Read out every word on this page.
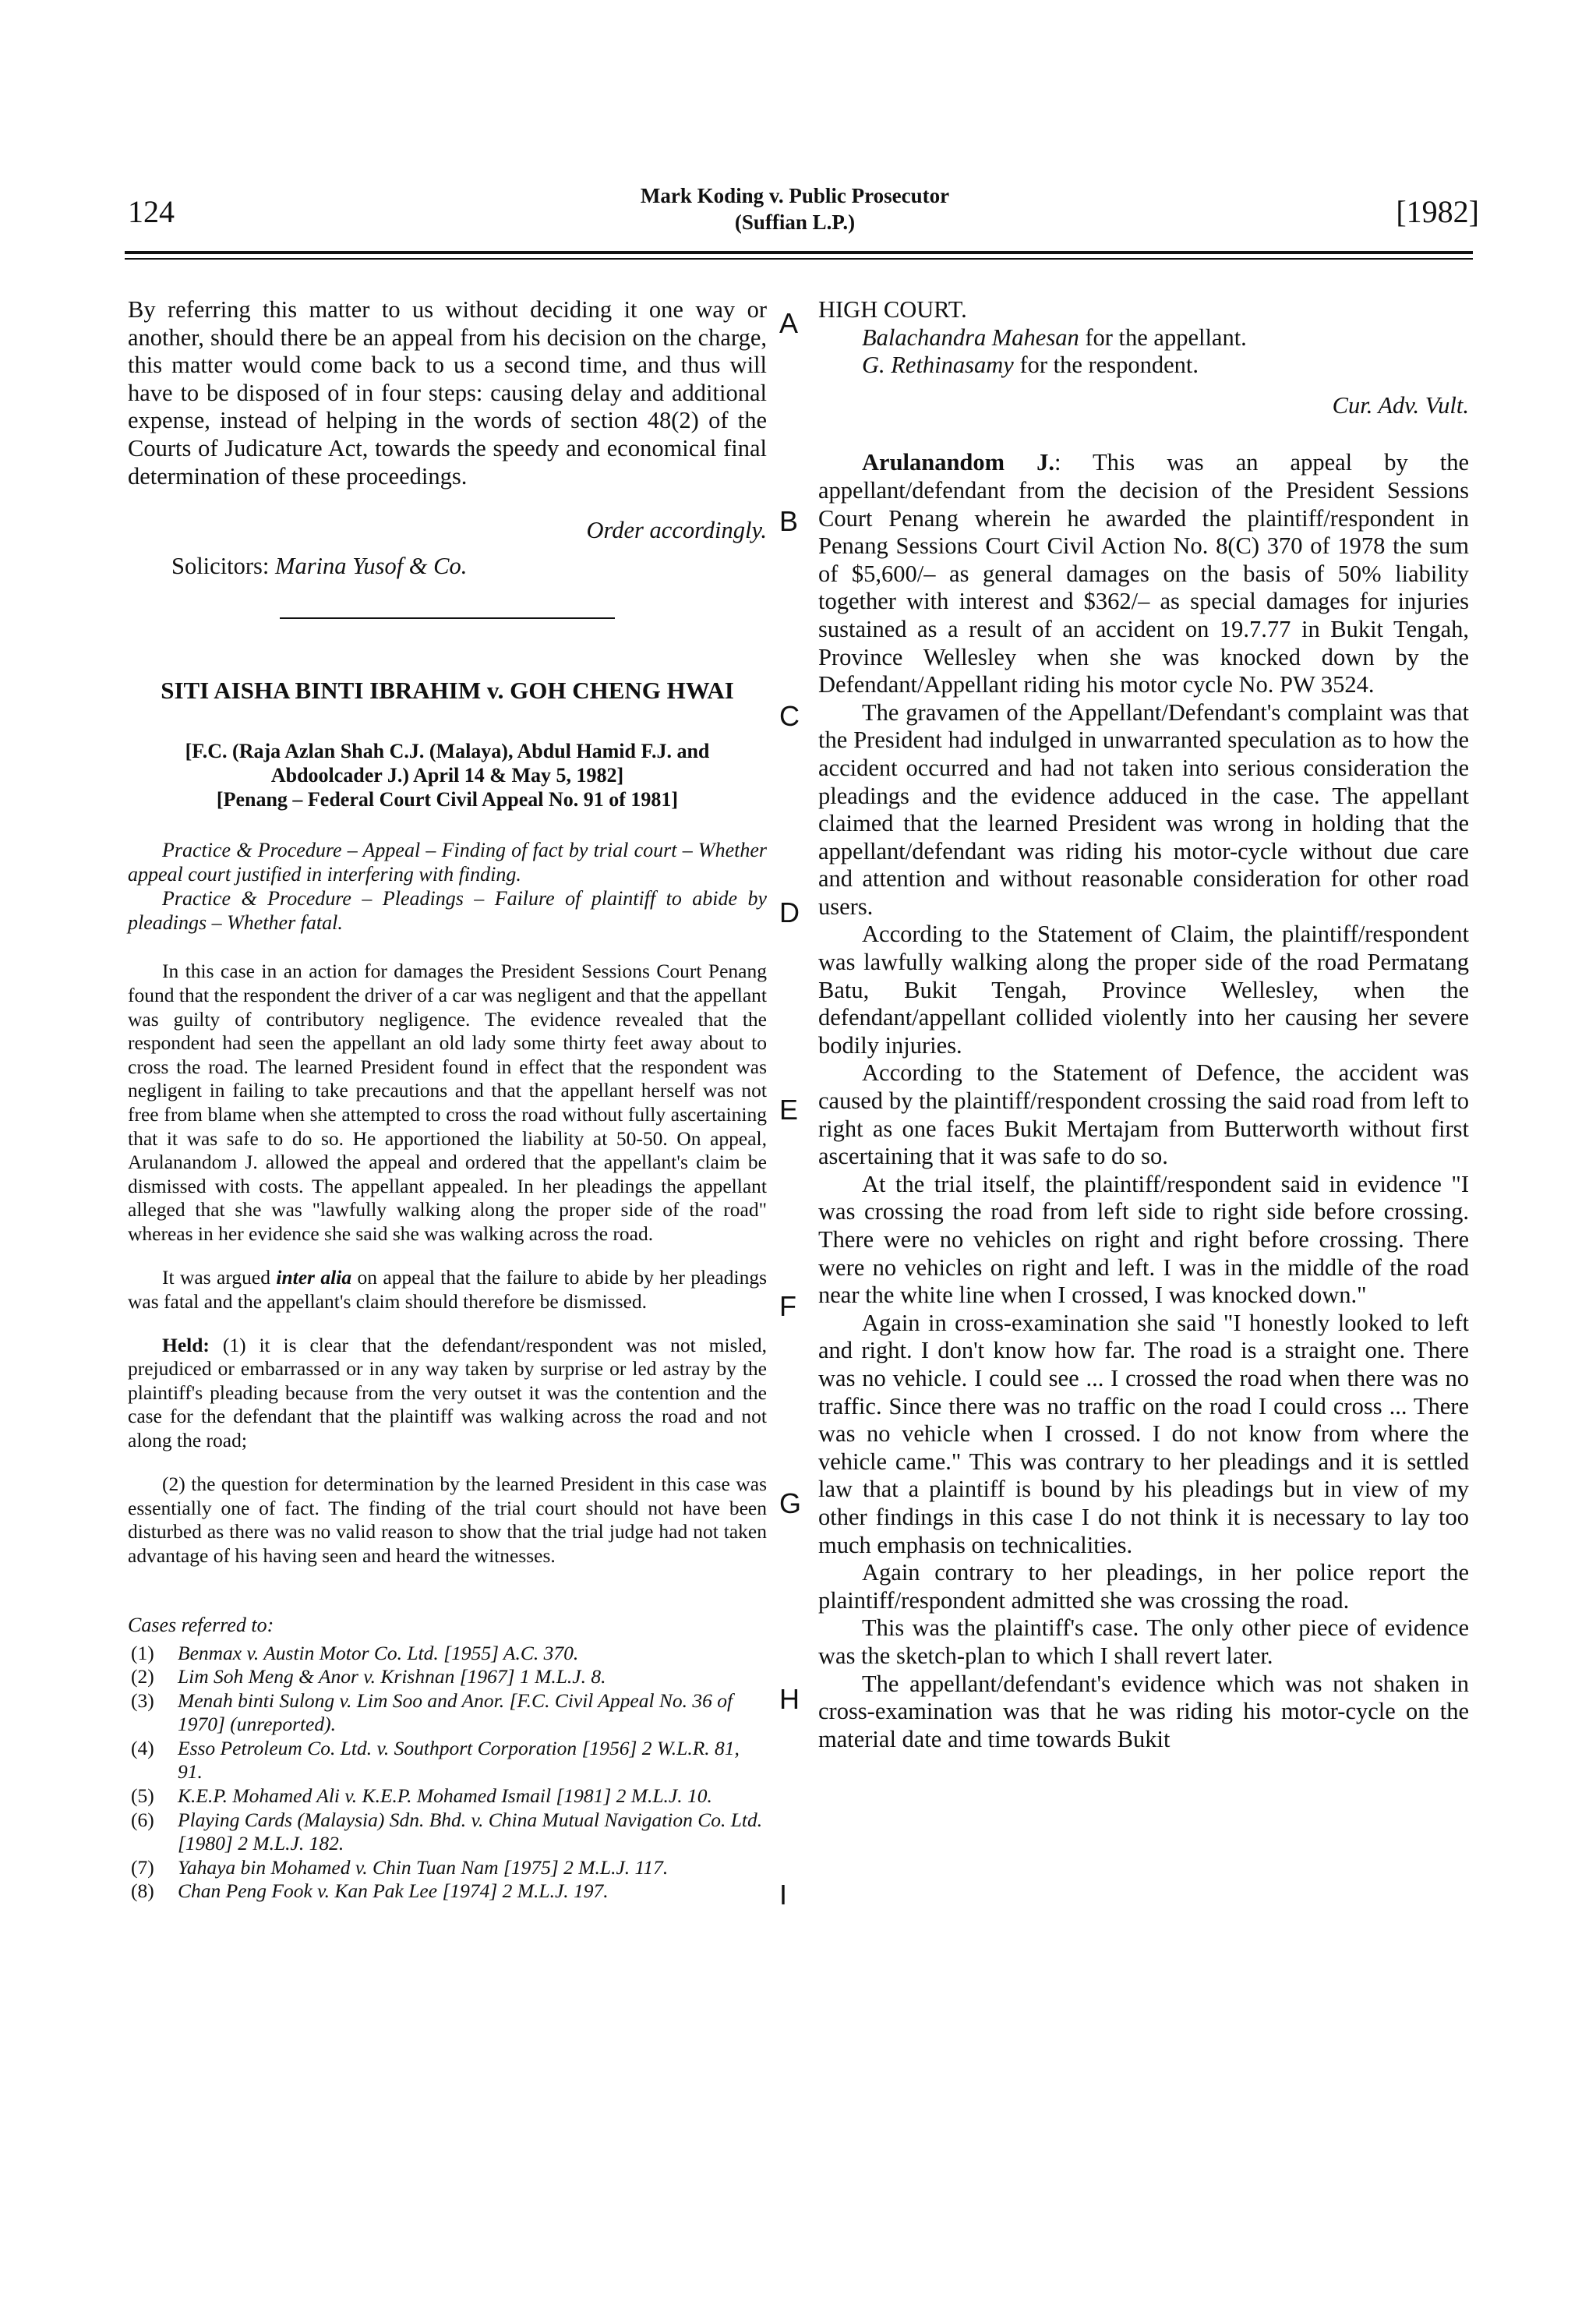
124	Mark Koding v. Public Prosecutor
(Suffian L.P.)	[1982]

By referring this matter to us without deciding it one way or another, should there be an appeal from his decision on the charge, this matter would come back to us a second time, and thus will have to be disposed of in four steps: causing delay and additional expense, instead of helping in the words of section 48(2) of the Courts of Judicature Act, towards the speedy and economical final determination of these proceedings.

Order accordingly.

Solicitors: Marina Yusof & Co.

SITI AISHA BINTI IBRAHIM v. GOH CHENG HWAI
[F.C. (Raja Azlan Shah C.J. (Malaya), Abdul Hamid F.J. and
Abdoolcader J.) April 14 & May 5, 1982]
[Penang – Federal Court Civil Appeal No. 91 of 1981]
Practice & Procedure – Appeal – Finding of fact by trial court – Whether appeal court justified in interfering with finding.
Practice & Procedure – Pleadings – Failure of plaintiff to abide by pleadings – Whether fatal.

In this case in an action for damages the President Sessions Court Penang found that the respondent the driver of a car was negligent and that the appellant was guilty of contributory negligence. The evidence revealed that the respondent had seen the appellant an old lady some thirty feet away about to cross the road. The learned President found in effect that the respondent was negligent in failing to take precautions and that the appellant herself was not free from blame when she attempted to cross the road without fully ascertaining that it was safe to do so. He apportioned the liability at 50-50. On appeal, Arulanandom J. allowed the appeal and ordered that the appellant's claim be dismissed with costs. The appellant appealed. In her pleadings the appellant alleged that she was "lawfully walking along the proper side of the road" whereas in her evidence she said she was walking across the road.

It was argued inter alia on appeal that the failure to abide by her pleadings was fatal and the appellant's claim should therefore be dismissed.

Held: (1) it is clear that the defendant/respondent was not misled, prejudiced or embarrassed or in any way taken by surprise or led astray by the plaintiff's pleading because from the very outset it was the contention and the case for the defendant that the plaintiff was walking across the road and not along the road;

(2) the question for determination by the learned President in this case was essentially one of fact. The finding of the trial court should not have been disturbed as there was no valid reason to show that the trial judge had not taken advantage of his having seen and heard the witnesses.

Cases referred to:
(1)	Benmax v. Austin Motor Co. Ltd. [1955] A.C. 370.
(2)	Lim Soh Meng & Anor v. Krishnan [1967] 1 M.L.J. 8.
(3)	Menah binti Sulong v. Lim Soo and Anor. [F.C. Civil Appeal No. 36 of 1970] (unreported).
(4)	Esso Petroleum Co. Ltd. v. Southport Corporation [1956] 2 W.L.R. 81, 91.
(5)	K.E.P. Mohamed Ali v. K.E.P. Mohamed Ismail [1981] 2 M.L.J. 10.
(6)	Playing Cards (Malaysia) Sdn. Bhd. v. China Mutual Navigation Co. Ltd. [1980] 2 M.L.J. 182.
(7)	Yahaya bin Mohamed v. Chin Tuan Nam [1975] 2 M.L.J. 117.
(8)	Chan Peng Fook v. Kan Pak Lee [1974] 2 M.L.J. 197.
A
B
C
D
E
F
G
H
I

HIGH COURT.

Balachandra Mahesan for the appellant.

G. Rethinasamy for the respondent.

Cur. Adv. Vult.

Arulanandom J.: This was an appeal by the appellant/defendant from the decision of the President Sessions Court Penang wherein he awarded the plaintiff/respondent in Penang Sessions Court Civil Action No. 8(C) 370 of 1978 the sum of $5,600/– as general damages on the basis of 50% liability together with interest and $362/– as special damages for injuries sustained as a result of an accident on 19.7.77 in Bukit Tengah, Province Wellesley when she was knocked down by the Defendant/Appellant riding his motor cycle No. PW 3524.

The gravamen of the Appellant/Defendant's complaint was that the President had indulged in unwarranted speculation as to how the accident occurred and had not taken into serious consideration the pleadings and the evidence adduced in the case. The appellant claimed that the learned President was wrong in holding that the appellant/defendant was riding his motor-cycle without due care and attention and without reasonable consideration for other road users.

According to the Statement of Claim, the plaintiff/respondent was lawfully walking along the proper side of the road Permatang Batu, Bukit Tengah, Province Wellesley, when the defendant/appellant collided violently into her causing her severe bodily injuries.

According to the Statement of Defence, the accident was caused by the plaintiff/respondent crossing the said road from left to right as one faces Bukit Mertajam from Butterworth without first ascertaining that it was safe to do so.

At the trial itself, the plaintiff/respondent said in evidence "I was crossing the road from left side to right side before crossing. There were no vehicles on right and right before crossing. There were no vehicles on right and left. I was in the middle of the road near the white line when I crossed, I was knocked down."

Again in cross-examination she said "I honestly looked to left and right. I don't know how far. The road is a straight one. There was no vehicle. I could see ... I crossed the road when there was no traffic. Since there was no traffic on the road I could cross ... There was no vehicle when I crossed. I do not know from where the vehicle came." This was contrary to her pleadings and it is settled law that a plaintiff is bound by his pleadings but in view of my other findings in this case I do not think it is necessary to lay too much emphasis on technicalities.

Again contrary to her pleadings, in her police report the plaintiff/respondent admitted she was crossing the road.

This was the plaintiff's case. The only other piece of evidence was the sketch-plan to which I shall revert later.

The appellant/defendant's evidence which was not shaken in cross-examination was that he was riding his motor-cycle on the material date and time towards Bukit
